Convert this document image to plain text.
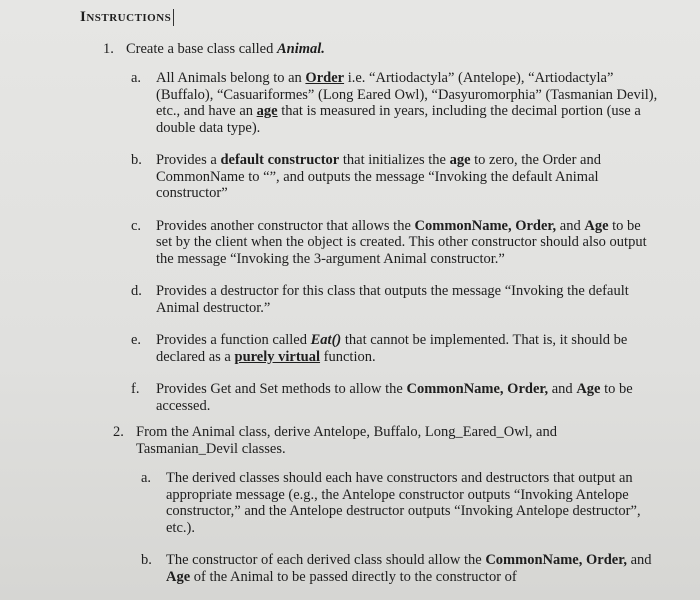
Instructions
1. Create a base class called Animal.
a. All Animals belong to an Order i.e. “Artiodactyla” (Antelope), “Artiodactyla” (Buffalo), “Casuariformes” (Long Eared Owl), “Dasyuromorphia” (Tasmanian Devil), etc., and have an age that is measured in years, including the decimal portion (use a double data type).
b. Provides a default constructor that initializes the age to zero, the Order and CommonName to “”, and outputs the message “Invoking the default Animal constructor”
c. Provides another constructor that allows the CommonName, Order, and Age to be set by the client when the object is created. This other constructor should also output the message “Invoking the 3-argument Animal constructor.”
d. Provides a destructor for this class that outputs the message “Invoking the default Animal destructor.”
e. Provides a function called Eat() that cannot be implemented. That is, it should be declared as a purely virtual function.
f. Provides Get and Set methods to allow the CommonName, Order, and Age to be accessed.
2. From the Animal class, derive Antelope, Buffalo, Long_Eared_Owl, and Tasmanian_Devil classes.
a. The derived classes should each have constructors and destructors that output an appropriate message (e.g., the Antelope constructor outputs “Invoking Antelope constructor,” and the Antelope destructor outputs “Invoking Antelope destructor”, etc.).
b. The constructor of each derived class should allow the CommonName, Order, and Age of the Animal to be passed directly to the constructor of
